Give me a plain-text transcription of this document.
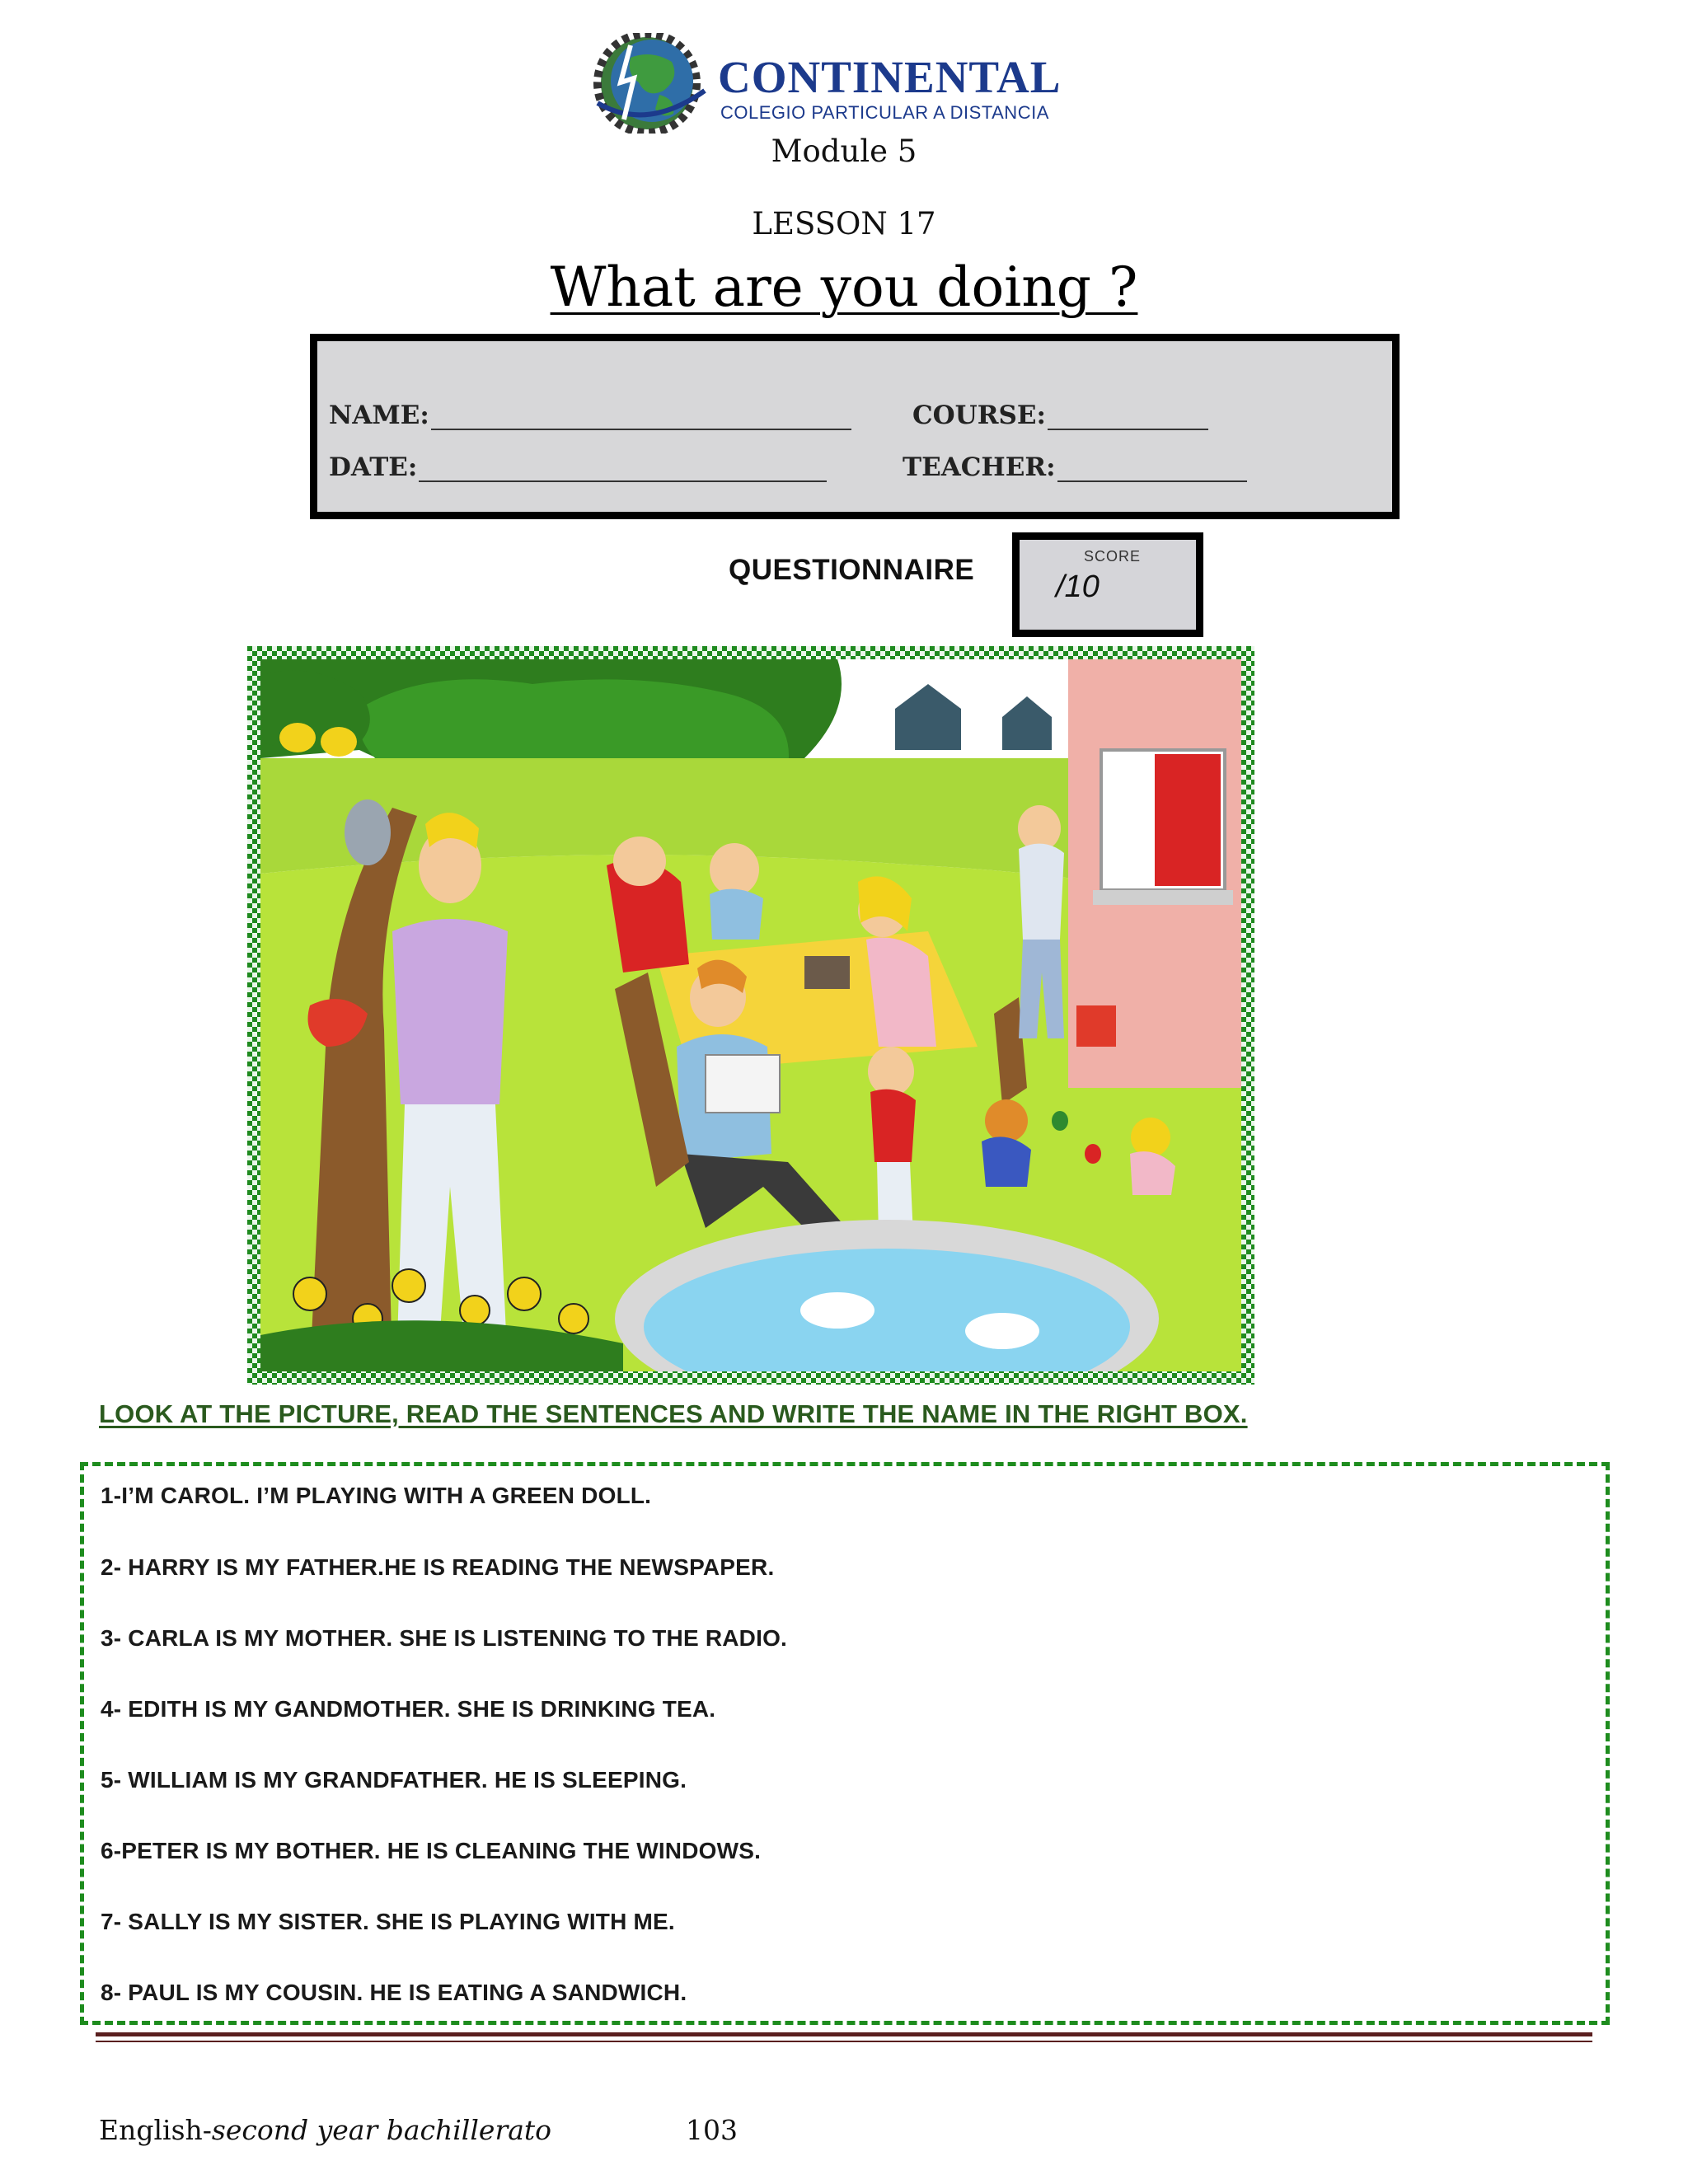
CONTINENTAL
COLEGIO PARTICULAR A DISTANCIA
Module 5
LESSON 17
What are you doing ?
NAME:	COURSE:
DATE:	TEACHER:
QUESTIONNAIRE	SCORE
/10
LOOK AT THE PICTURE, READ THE SENTENCES AND WRITE THE NAME IN THE RIGHT BOX.
1-I’M CAROL. I’M PLAYING WITH A GREEN DOLL.
2- HARRY IS MY FATHER.HE IS READING THE NEWSPAPER.
3- CARLA IS MY MOTHER. SHE IS LISTENING TO THE RADIO.
4- EDITH IS MY GANDMOTHER. SHE IS DRINKING TEA.
5- WILLIAM IS MY GRANDFATHER. HE IS SLEEPING.
6-PETER IS MY BOTHER. HE IS CLEANING THE WINDOWS.
7- SALLY IS MY SISTER. SHE IS PLAYING WITH ME.
8- PAUL IS MY COUSIN. HE IS EATING A SANDWICH.
English-second year bachillerato	103
